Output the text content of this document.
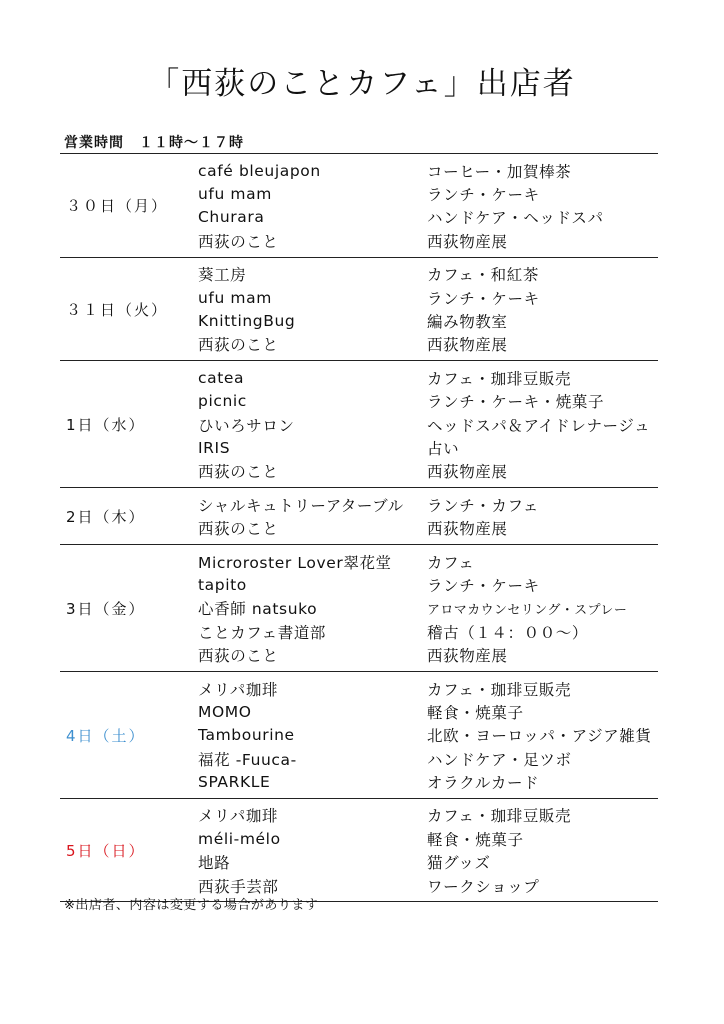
「西荻のことカフェ」出店者
営業時間　１１時～１７時
３０日（月）
café bleujapon	コーヒー・加賀棒茶
ufu mam	ランチ・ケーキ
Churara	ハンドケア・ヘッドスパ
西荻のこと	西荻物産展
３１日（火）
葵工房	カフェ・和紅茶
ufu mam	ランチ・ケーキ
KnittingBug	編み物教室
西荻のこと	西荻物産展
1日（水）
catea	カフェ・珈琲豆販売
picnic	ランチ・ケーキ・焼菓子
ひいろサロン	ヘッドスパ＆アイドレナージュ
IRIS	占い
西荻のこと	西荻物産展
2日（木）
シャルキュトリーアターブル	ランチ・カフェ
西荻のこと	西荻物産展
3日（金）
Microroster Lover翠花堂	カフェ
tapito	ランチ・ケーキ
心香師 natsuko	アロマカウンセリング・スプレー
ことカフェ書道部	稽古（１４：００～）
西荻のこと	西荻物産展
4日（土）
メリパ珈琲	カフェ・珈琲豆販売
MOMO	軽食・焼菓子
Tambourine	北欧・ヨーロッパ・アジア雑貨
福花 -Fuuca-	ハンドケア・足ツボ
SPARKLE	オラクルカード
5日（日）
メリパ珈琲	カフェ・珈琲豆販売
méli-mélo	軽食・焼菓子
地路	猫グッズ
西荻手芸部	ワークショップ
※出店者、内容は変更する場合があります
